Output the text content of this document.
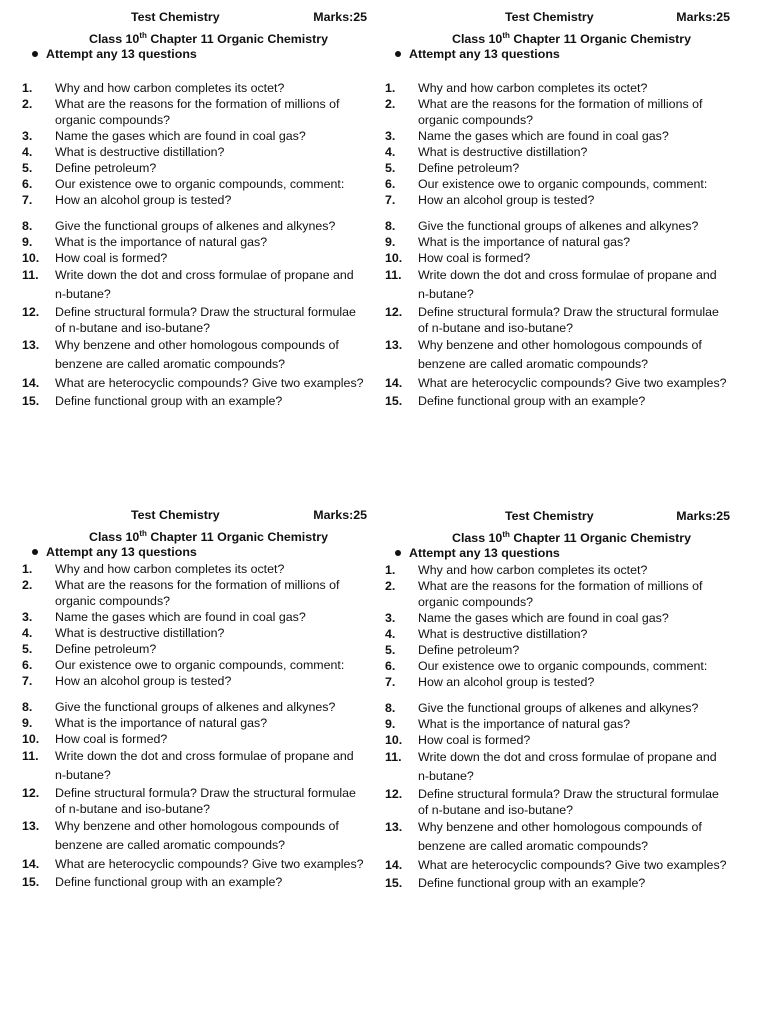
Test Chemistry	Marks:25
Class 10th Chapter 11 Organic Chemistry
Attempt any 13 questions
1.	Why and how carbon completes its octet?
2.	What are the reasons for the formation of millions of organic compounds?
3.	Name the gases which are found in coal gas?
4.	What is destructive distillation?
5.	Define petroleum?
6.	Our existence owe to organic compounds, comment:
7.	How an alcohol group is tested?
8.	Give the functional groups of alkenes and alkynes?
9.	What is the importance of natural gas?
10.	How coal is formed?
11.	Write down the dot and cross formulae of propane and n-butane?
12.	Define structural formula? Draw the structural formulae of n-butane and iso-butane?
13.	Why benzene and other homologous compounds of benzene are called aromatic compounds?
14.	What are heterocyclic compounds? Give two examples?
15.	Define functional group with an example?
Test Chemistry	Marks:25
Class 10th Chapter 11 Organic Chemistry
Attempt any 13 questions
1.	Why and how carbon completes its octet?
2.	What are the reasons for the formation of millions of organic compounds?
3.	Name the gases which are found in coal gas?
4.	What is destructive distillation?
5.	Define petroleum?
6.	Our existence owe to organic compounds, comment:
7.	How an alcohol group is tested?
8.	Give the functional groups of alkenes and alkynes?
9.	What is the importance of natural gas?
10.	How coal is formed?
11.	Write down the dot and cross formulae of propane and n-butane?
12.	Define structural formula? Draw the structural formulae of n-butane and iso-butane?
13.	Why benzene and other homologous compounds of benzene are called aromatic compounds?
14.	What are heterocyclic compounds? Give two examples?
15.	Define functional group with an example?
Test Chemistry	Marks:25
Class 10th Chapter 11 Organic Chemistry
Attempt any 13 questions
1.	Why and how carbon completes its octet?
2.	What are the reasons for the formation of millions of organic compounds?
3.	Name the gases which are found in coal gas?
4.	What is destructive distillation?
5.	Define petroleum?
6.	Our existence owe to organic compounds, comment:
7.	How an alcohol group is tested?
8.	Give the functional groups of alkenes and alkynes?
9.	What is the importance of natural gas?
10.	How coal is formed?
11.	Write down the dot and cross formulae of propane and n-butane?
12.	Define structural formula? Draw the structural formulae of n-butane and iso-butane?
13.	Why benzene and other homologous compounds of benzene are called aromatic compounds?
14.	What are heterocyclic compounds? Give two examples?
15.	Define functional group with an example?
Test Chemistry	Marks:25
Class 10th Chapter 11 Organic Chemistry
Attempt any 13 questions
1.	Why and how carbon completes its octet?
2.	What are the reasons for the formation of millions of organic compounds?
3.	Name the gases which are found in coal gas?
4.	What is destructive distillation?
5.	Define petroleum?
6.	Our existence owe to organic compounds, comment:
7.	How an alcohol group is tested?
8.	Give the functional groups of alkenes and alkynes?
9.	What is the importance of natural gas?
10.	How coal is formed?
11.	Write down the dot and cross formulae of propane and n-butane?
12.	Define structural formula? Draw the structural formulae of n-butane and iso-butane?
13.	Why benzene and other homologous compounds of benzene are called aromatic compounds?
14.	What are heterocyclic compounds? Give two examples?
15.	Define functional group with an example?
